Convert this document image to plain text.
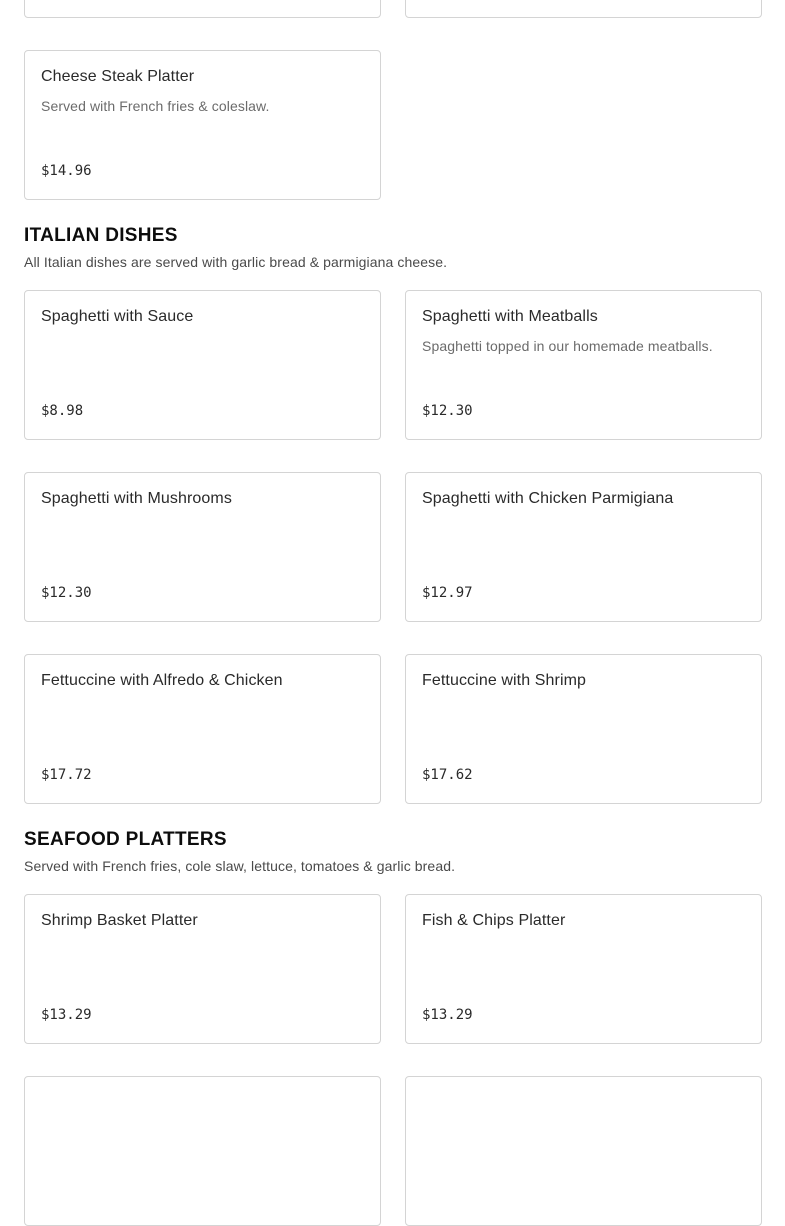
Cheese Steak Platter
Served with French fries & coleslaw.
$14.96
ITALIAN DISHES

All Italian dishes are served with garlic bread & parmigiana cheese.

Spaghetti with Sauce
$8.98
Spaghetti with Meatballs
Spaghetti topped in our homemade meatballs.
$12.30
Spaghetti with Mushrooms
$12.30
Spaghetti with Chicken Parmigiana
$12.97
Fettuccine with Alfredo & Chicken
$17.72
Fettuccine with Shrimp
$17.62
SEAFOOD PLATTERS

Served with French fries, cole slaw, lettuce, tomatoes & garlic bread.

Shrimp Basket Platter
$13.29
Fish & Chips Platter
$13.29
